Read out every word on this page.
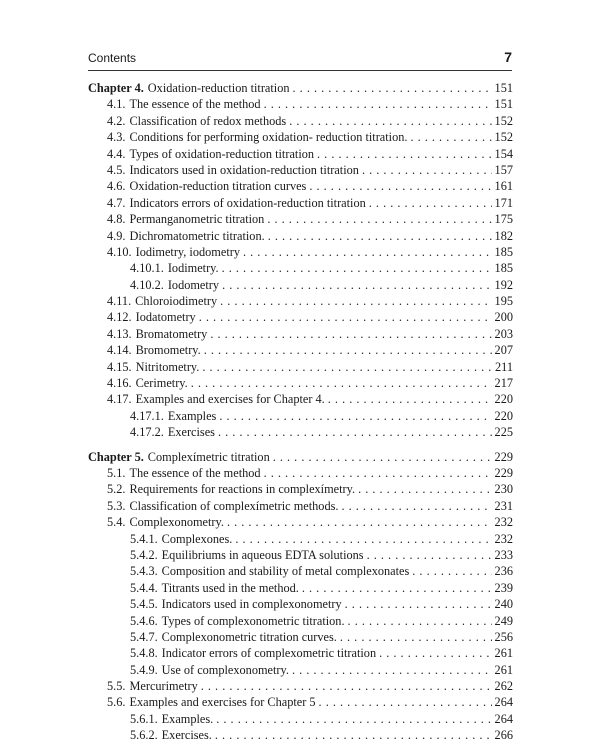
Contents	7
Chapter 4. Oxidation-reduction titration . . .	151
4.1. The essence of the method . . .	151
4.2. Classification of redox methods . . .	152
4.3. Conditions for performing oxidation- reduction titration. . . .	152
4.4. Types of oxidation-reduction titration . . .	154
4.5. Indicators used in oxidation-reduction titration . . .	157
4.6. Oxidation-reduction titration curves . . .	161
4.7. Indicators errors of oxidation-reduction titration . . .	171
4.8. Permanganometric titration . . .	175
4.9. Dichromatometric titration. . . .	182
4.10. Iodimetry, iodometry . . .	185
4.10.1. Iodimetry. . . .	185
4.10.2. Iodometry . . .	192
4.11. Chloroiodimetry . . .	195
4.12. Iodatometry . . .	200
4.13. Bromatometry . . .	203
4.14. Bromometry. . . .	207
4.15. Nitritometry. . . .	211
4.16. Cerimetry. . . .	217
4.17. Examples and exercises for Chapter 4. . . .	220
4.17.1. Examples . . .	220
4.17.2. Exercises . . .	225
Chapter 5. Complexímetric titration . . .	229
5.1. The essence of the method . . .	229
5.2. Requirements for reactions in complexímetry. . . .	230
5.3. Classification of complexímetric methods. . . .	231
5.4. Complexonometry. . . .	232
5.4.1. Complexones. . . .	232
5.4.2. Equilibriums in aqueous EDTA solutions . . .	233
5.4.3. Composition and stability of metal complexonates . . .	236
5.4.4. Titrants used in the method. . . .	239
5.4.5. Indicators used in complexonometry . . .	240
5.4.6. Types of complexonometric titration. . . .	249
5.4.7. Complexonometric titration curves. . . .	256
5.4.8. Indicator errors of complexometric titration . . .	261
5.4.9. Use of complexonometry. . . .	261
5.5. Mercurimetry . . .	262
5.6. Examples and exercises for Chapter 5 . . .	264
5.6.1. Examples. . . .	264
5.6.2. Exercises. . . .	266
